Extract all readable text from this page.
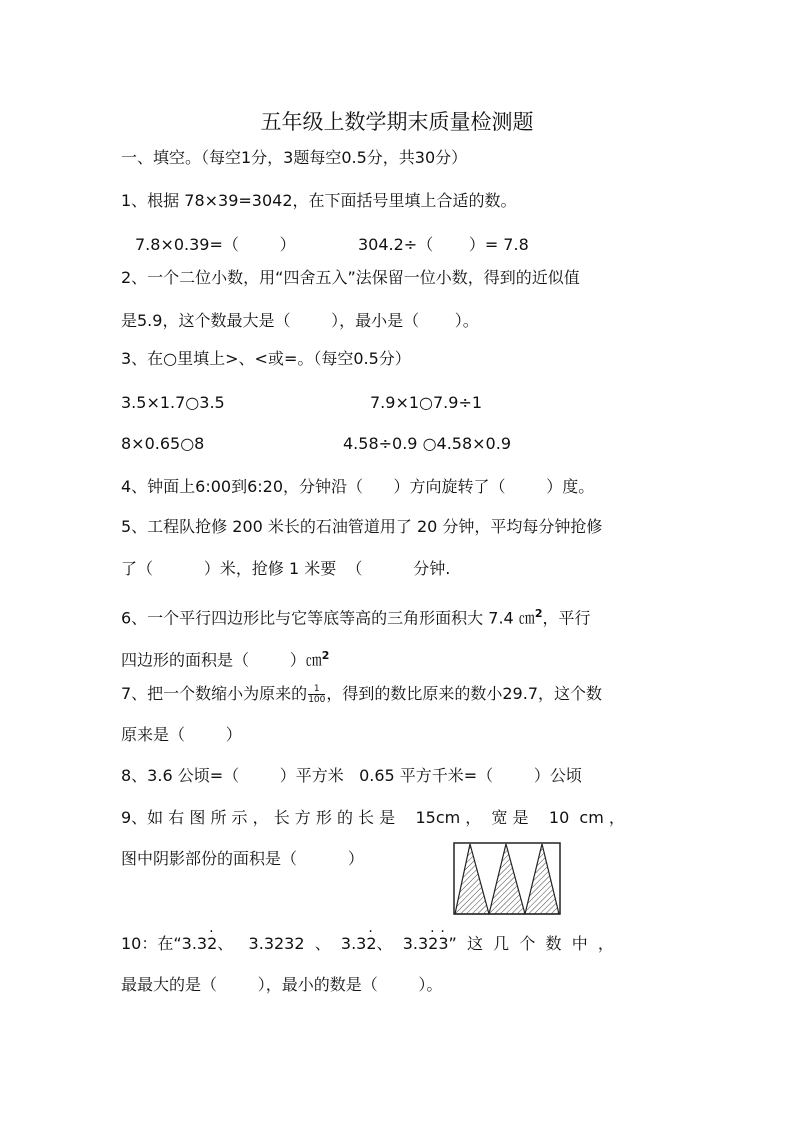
五年级上数学期末质量检测题
一、填空。（每空1分，3题每空0.5分，共30分）
1、根据 78×39=3042，在下面括号里填上合适的数。
7.8×0.39=（        ）	304.2÷（       ）= 7.8
2、一个二位小数，用“四舍五入”法保留一位小数，得到的近似值
是5.9，这个数最大是（        ），最小是（       ）。
3、在○里填上>、<或=。（每空0.5分）
3.5×1.7○3.5	7.9×1○7.9÷1
8×0.65○8	4.58÷0.9 ○4.58×0.9
4、钟面上6:00到6:20，分钟沿（      ）方向旋转了（        ）度。
5、工程队抢修 200 米长的石油管道用了 20 分钟，平均每分钟抢修
了（          ）米，抢修 1 米要  （          分钟.
6、一个平行四边形比与它等底等高的三角形面积大 7.4 ㎝$^2$，平行
四边形的面积是（        ）㎝$^2$
7、把一个数缩小为原来的 $\frac{1}{100}$ ，得到的数比原来的数小29.7，这个数
原来是（        ）
8、3.6 公顷=（        ）平方米   0.65 平方千米=（        ）公顷
9、如 右 图 所 示 ， 长 方 形 的 长 是    15cm ，  宽 是    10  cm ，
图中阴影部份的面积是（          ）
10：在“3.3· 2、   3.3232  、  3.3· 2、  3.3· 2· 3”  这  几  个  数  中  ，
最最大的是（        ），最小的数是（        ）。
